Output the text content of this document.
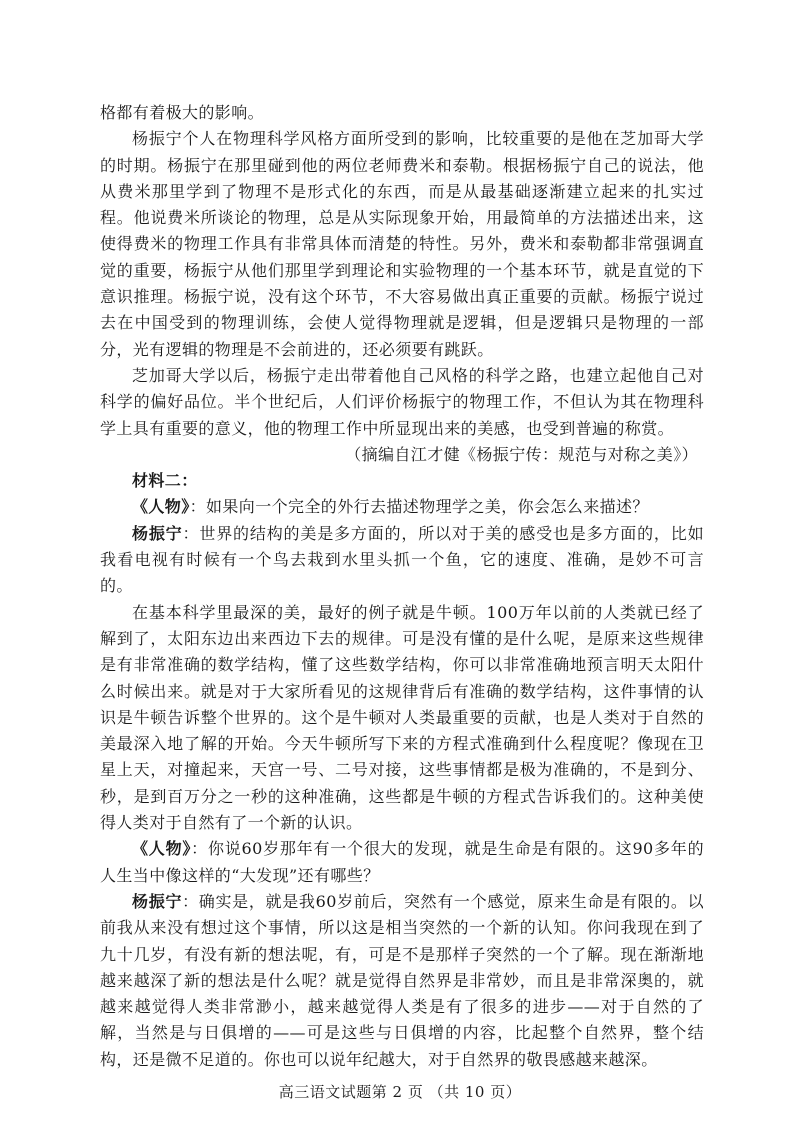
格都有着极大的影响。

杨振宁个人在物理科学风格方面所受到的影响，比较重要的是他在芝加哥大学的时期。杨振宁在那里碰到他的两位老师费米和泰勒。根据杨振宁自己的说法，他从费米那里学到了物理不是形式化的东西，而是从最基础逐渐建立起来的扎实过程。他说费米所谈论的物理，总是从实际现象开始，用最简单的方法描述出来，这使得费米的物理工作具有非常具体而清楚的特性。另外，费米和泰勒都非常强调直觉的重要，杨振宁从他们那里学到理论和实验物理的一个基本环节，就是直觉的下意识推理。杨振宁说，没有这个环节，不大容易做出真正重要的贡献。杨振宁说过去在中国受到的物理训练，会使人觉得物理就是逻辑，但是逻辑只是物理的一部分，光有逻辑的物理是不会前进的，还必须要有跳跃。

芝加哥大学以后，杨振宁走出带着他自己风格的科学之路，也建立起他自己对科学的偏好品位。半个世纪后，人们评价杨振宁的物理工作，不但认为其在物理科学上具有重要的意义，他的物理工作中所显现出来的美感，也受到普遍的称赏。

（摘编自江才健《杨振宁传：规范与对称之美》）

材料二：

《人物》：如果向一个完全的外行去描述物理学之美，你会怎么来描述？

杨振宁：世界的结构的美是多方面的，所以对于美的感受也是多方面的，比如我看电视有时候有一个鸟去栽到水里头抓一个鱼，它的速度、准确，是妙不可言的。

在基本科学里最深的美，最好的例子就是牛顿。100万年以前的人类就已经了解到了，太阳东边出来西边下去的规律。可是没有懂的是什么呢，是原来这些规律是有非常准确的数学结构，懂了这些数学结构，你可以非常准确地预言明天太阳什么时候出来。就是对于大家所看见的这规律背后有准确的数学结构，这件事情的认识是牛顿告诉整个世界的。这个是牛顿对人类最重要的贡献，也是人类对于自然的美最深入地了解的开始。今天牛顿所写下来的方程式准确到什么程度呢？像现在卫星上天，对撞起来，天宫一号、二号对接，这些事情都是极为准确的，不是到分、秒，是到百万分之一秒的这种准确，这些都是牛顿的方程式告诉我们的。这种美使得人类对于自然有了一个新的认识。

《人物》：你说60岁那年有一个很大的发现，就是生命是有限的。这90多年的人生当中像这样的“大发现”还有哪些？

杨振宁：确实是，就是我60岁前后，突然有一个感觉，原来生命是有限的。以前我从来没有想过这个事情，所以这是相当突然的一个新的认知。你问我现在到了九十几岁，有没有新的想法呢，有，可是不是那样子突然的一个了解。现在渐渐地越来越深了新的想法是什么呢？就是觉得自然界是非常妙，而且是非常深奥的，就越来越觉得人类非常渺小，越来越觉得人类是有了很多的进步——对于自然的了解，当然是与日俱增的——可是这些与日俱增的内容，比起整个自然界，整个结构，还是微不足道的。你也可以说年纪越大，对于自然界的敬畏感越来越深。

高三语文试题第 2 页 （共 10 页）
